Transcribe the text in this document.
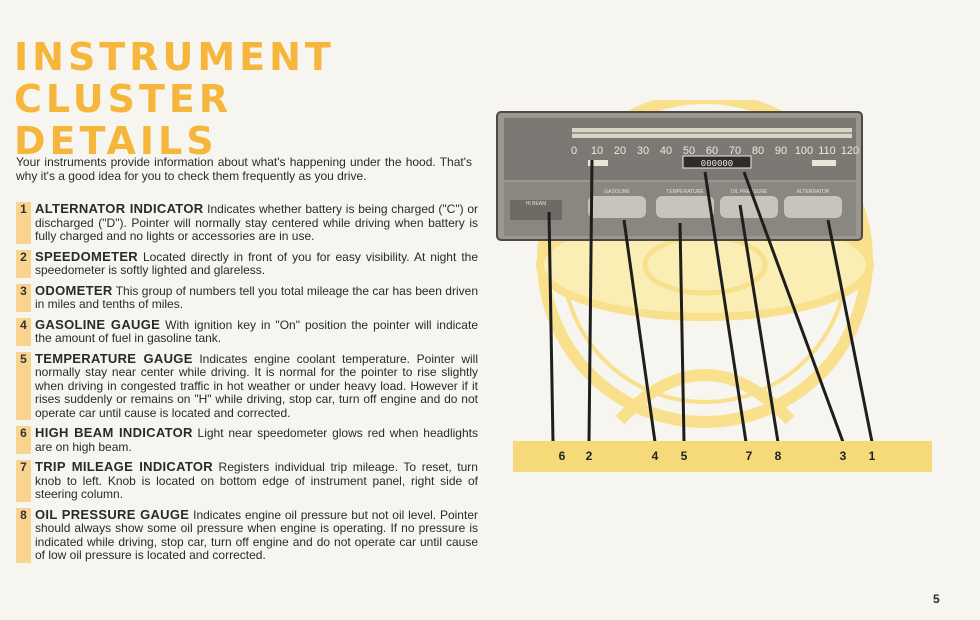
INSTRUMENT
CLUSTER
DETAILS

Your instruments provide information about what's happening under the hood. That's why it's a good idea for you to check them frequently as you drive.

1 ALTERNATOR INDICATOR Indicates whether battery is being charged ("C") or discharged ("D"). Pointer will normally stay centered while driving when battery is fully charged and no lights or accessories are in use.
2 SPEEDOMETER Located directly in front of you for easy visibility. At night the speedometer is softly lighted and glareless.
3 ODOMETER This group of numbers tell you total mileage the car has been driven in miles and tenths of miles.
4 GASOLINE GAUGE With ignition key in "On" position the pointer will indicate the amount of fuel in gasoline tank.
5 TEMPERATURE GAUGE Indicates engine coolant temperature. Pointer will normally stay near center while driving. It is normal for the pointer to rise slightly when driving in congested traffic in hot weather or under heavy load. However if it rises suddenly or remains on "H" while driving, stop car, turn off engine and do not operate car until cause is located and corrected.
6 HIGH BEAM INDICATOR Light near speedometer glows red when headlights are on high beam.
7 TRIP MILEAGE INDICATOR Registers individual trip mileage. To reset, turn knob to left. Knob is located on bottom edge of instrument panel, right side of steering column.
8 OIL PRESSURE GAUGE Indicates engine oil pressure but not oil level. Pointer should always show some oil pressure when engine is operating. If no pressure is indicated while driving, stop car, turn off engine and do not operate car until cause of low oil pressure is located and corrected.
0 10 20 30 40 50 60 70 80 90 100 110 120
000000
HI BEAM
GASOLINE	TEMPERATURE	OIL PRESSURE	ALTERNATOR
6	2	4	5	7	8	3	1
5
